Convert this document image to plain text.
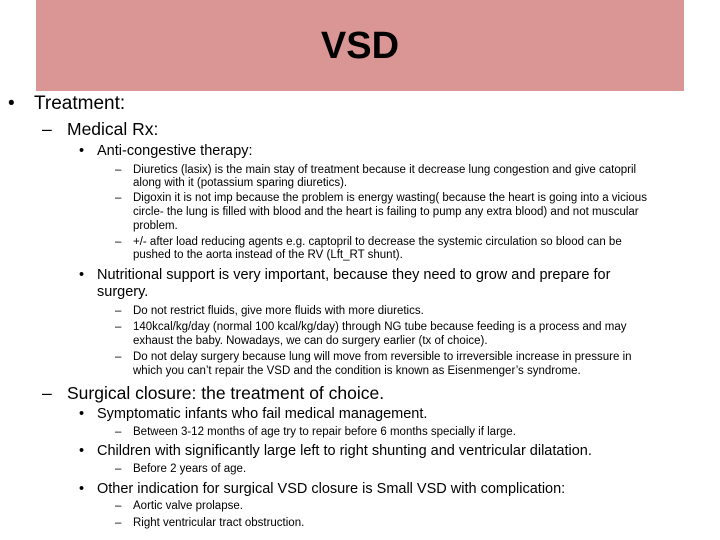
VSD
• Treatment:
– Medical Rx:
• Anti-congestive therapy:
– Diuretics (lasix) is the main stay of treatment because it decrease lung congestion and give catopril
along with it (potassium sparing diuretics).
– Digoxin it is not imp because the problem is energy wasting( because the heart is going into a vicious
circle- the lung is filled with blood and the heart is failing to pump any extra blood) and not muscular
problem.
– +/- after load reducing agents e.g. captopril to decrease the systemic circulation so blood can be
pushed to the aorta instead of the RV (Lft_RT shunt).
• Nutritional support is very important, because they need to grow and prepare for
surgery.
– Do not restrict fluids, give more fluids with more diuretics.
– 140kcal/kg/day (normal 100 kcal/kg/day) through NG tube because feeding is a process and may
exhaust the baby. Nowadays, we can do surgery earlier (tx of choice).
– Do not delay surgery because lung will move from reversible to irreversible increase in pressure in
which you can’t repair the VSD and the condition is known as Eisenmenger’s syndrome.
– Surgical closure: the treatment of choice.
• Symptomatic infants who fail medical management.
– Between 3-12 months of age try to repair before 6 months specially if large.
• Children with significantly large left to right shunting and ventricular dilatation.
– Before 2 years of age.
• Other indication for surgical VSD closure is Small VSD with complication:
– Aortic valve prolapse.
– Right ventricular tract obstruction.
